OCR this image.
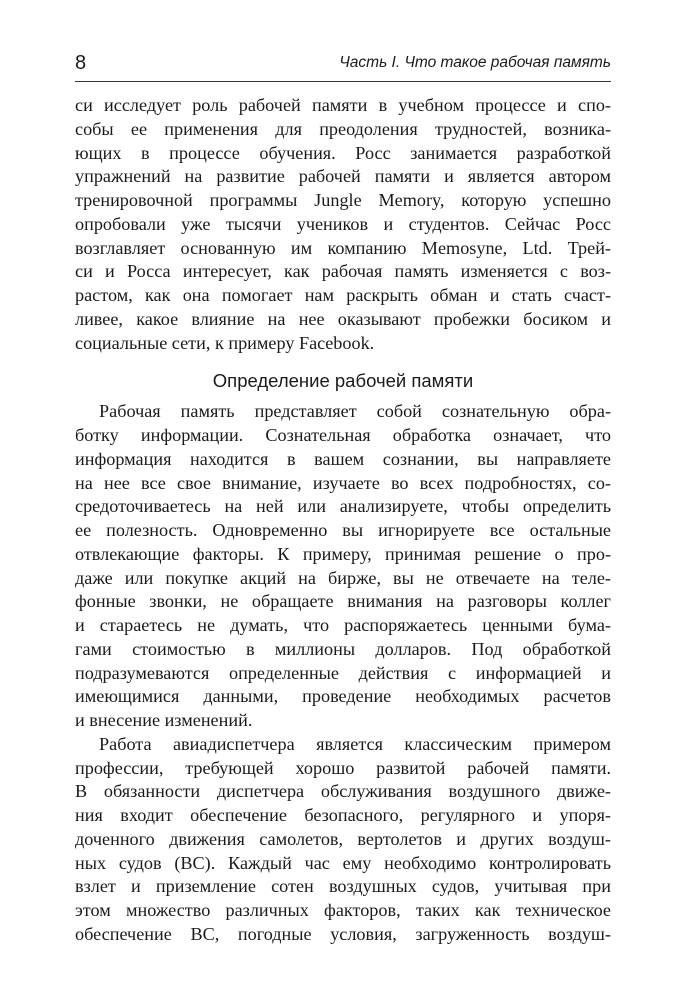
8	Часть I. Что такое рабочая память
си исследует роль рабочей памяти в учебном процессе и спо-
собы ее применения для преодоления трудностей, возника-
ющих в процессе обучения. Росс занимается разработкой
упражнений на развитие рабочей памяти и является автором
тренировочной программы Jungle Memory, которую успешно
опробовали уже тысячи учеников и студентов. Сейчас Росс
возглавляет основанную им компанию Memosyne, Ltd. Трей-
си и Росса интересует, как рабочая память изменяется с воз-
растом, как она помогает нам раскрыть обман и стать счаст-
ливее, какое влияние на нее оказывают пробежки босиком и
социальные сети, к примеру Facebook.
Определение рабочей памяти
Рабочая память представляет собой сознательную обра-
ботку информации. Сознательная обработка означает, что
информация находится в вашем сознании, вы направляете
на нее все свое внимание, изучаете во всех подробностях, со-
средоточиваетесь на ней или анализируете, чтобы определить
ее полезность. Одновременно вы игнорируете все остальные
отвлекающие факторы. К примеру, принимая решение о про-
даже или покупке акций на бирже, вы не отвечаете на теле-
фонные звонки, не обращаете внимания на разговоры коллег
и стараетесь не думать, что распоряжаетесь ценными бума-
гами стоимостью в миллионы долларов. Под обработкой
подразумеваются определенные действия с информацией и
имеющимися данными, проведение необходимых расчетов
и внесение изменений.
Работа авиадиспетчера является классическим примером
профессии, требующей хорошо развитой рабочей памяти.
В обязанности диспетчера обслуживания воздушного движе-
ния входит обеспечение безопасного, регулярного и упоря-
доченного движения самолетов, вертолетов и других воздуш-
ных судов (ВС). Каждый час ему необходимо контролировать
взлет и приземление сотен воздушных судов, учитывая при
этом множество различных факторов, таких как техническое
обеспечение ВС, погодные условия, загруженность воздуш-
